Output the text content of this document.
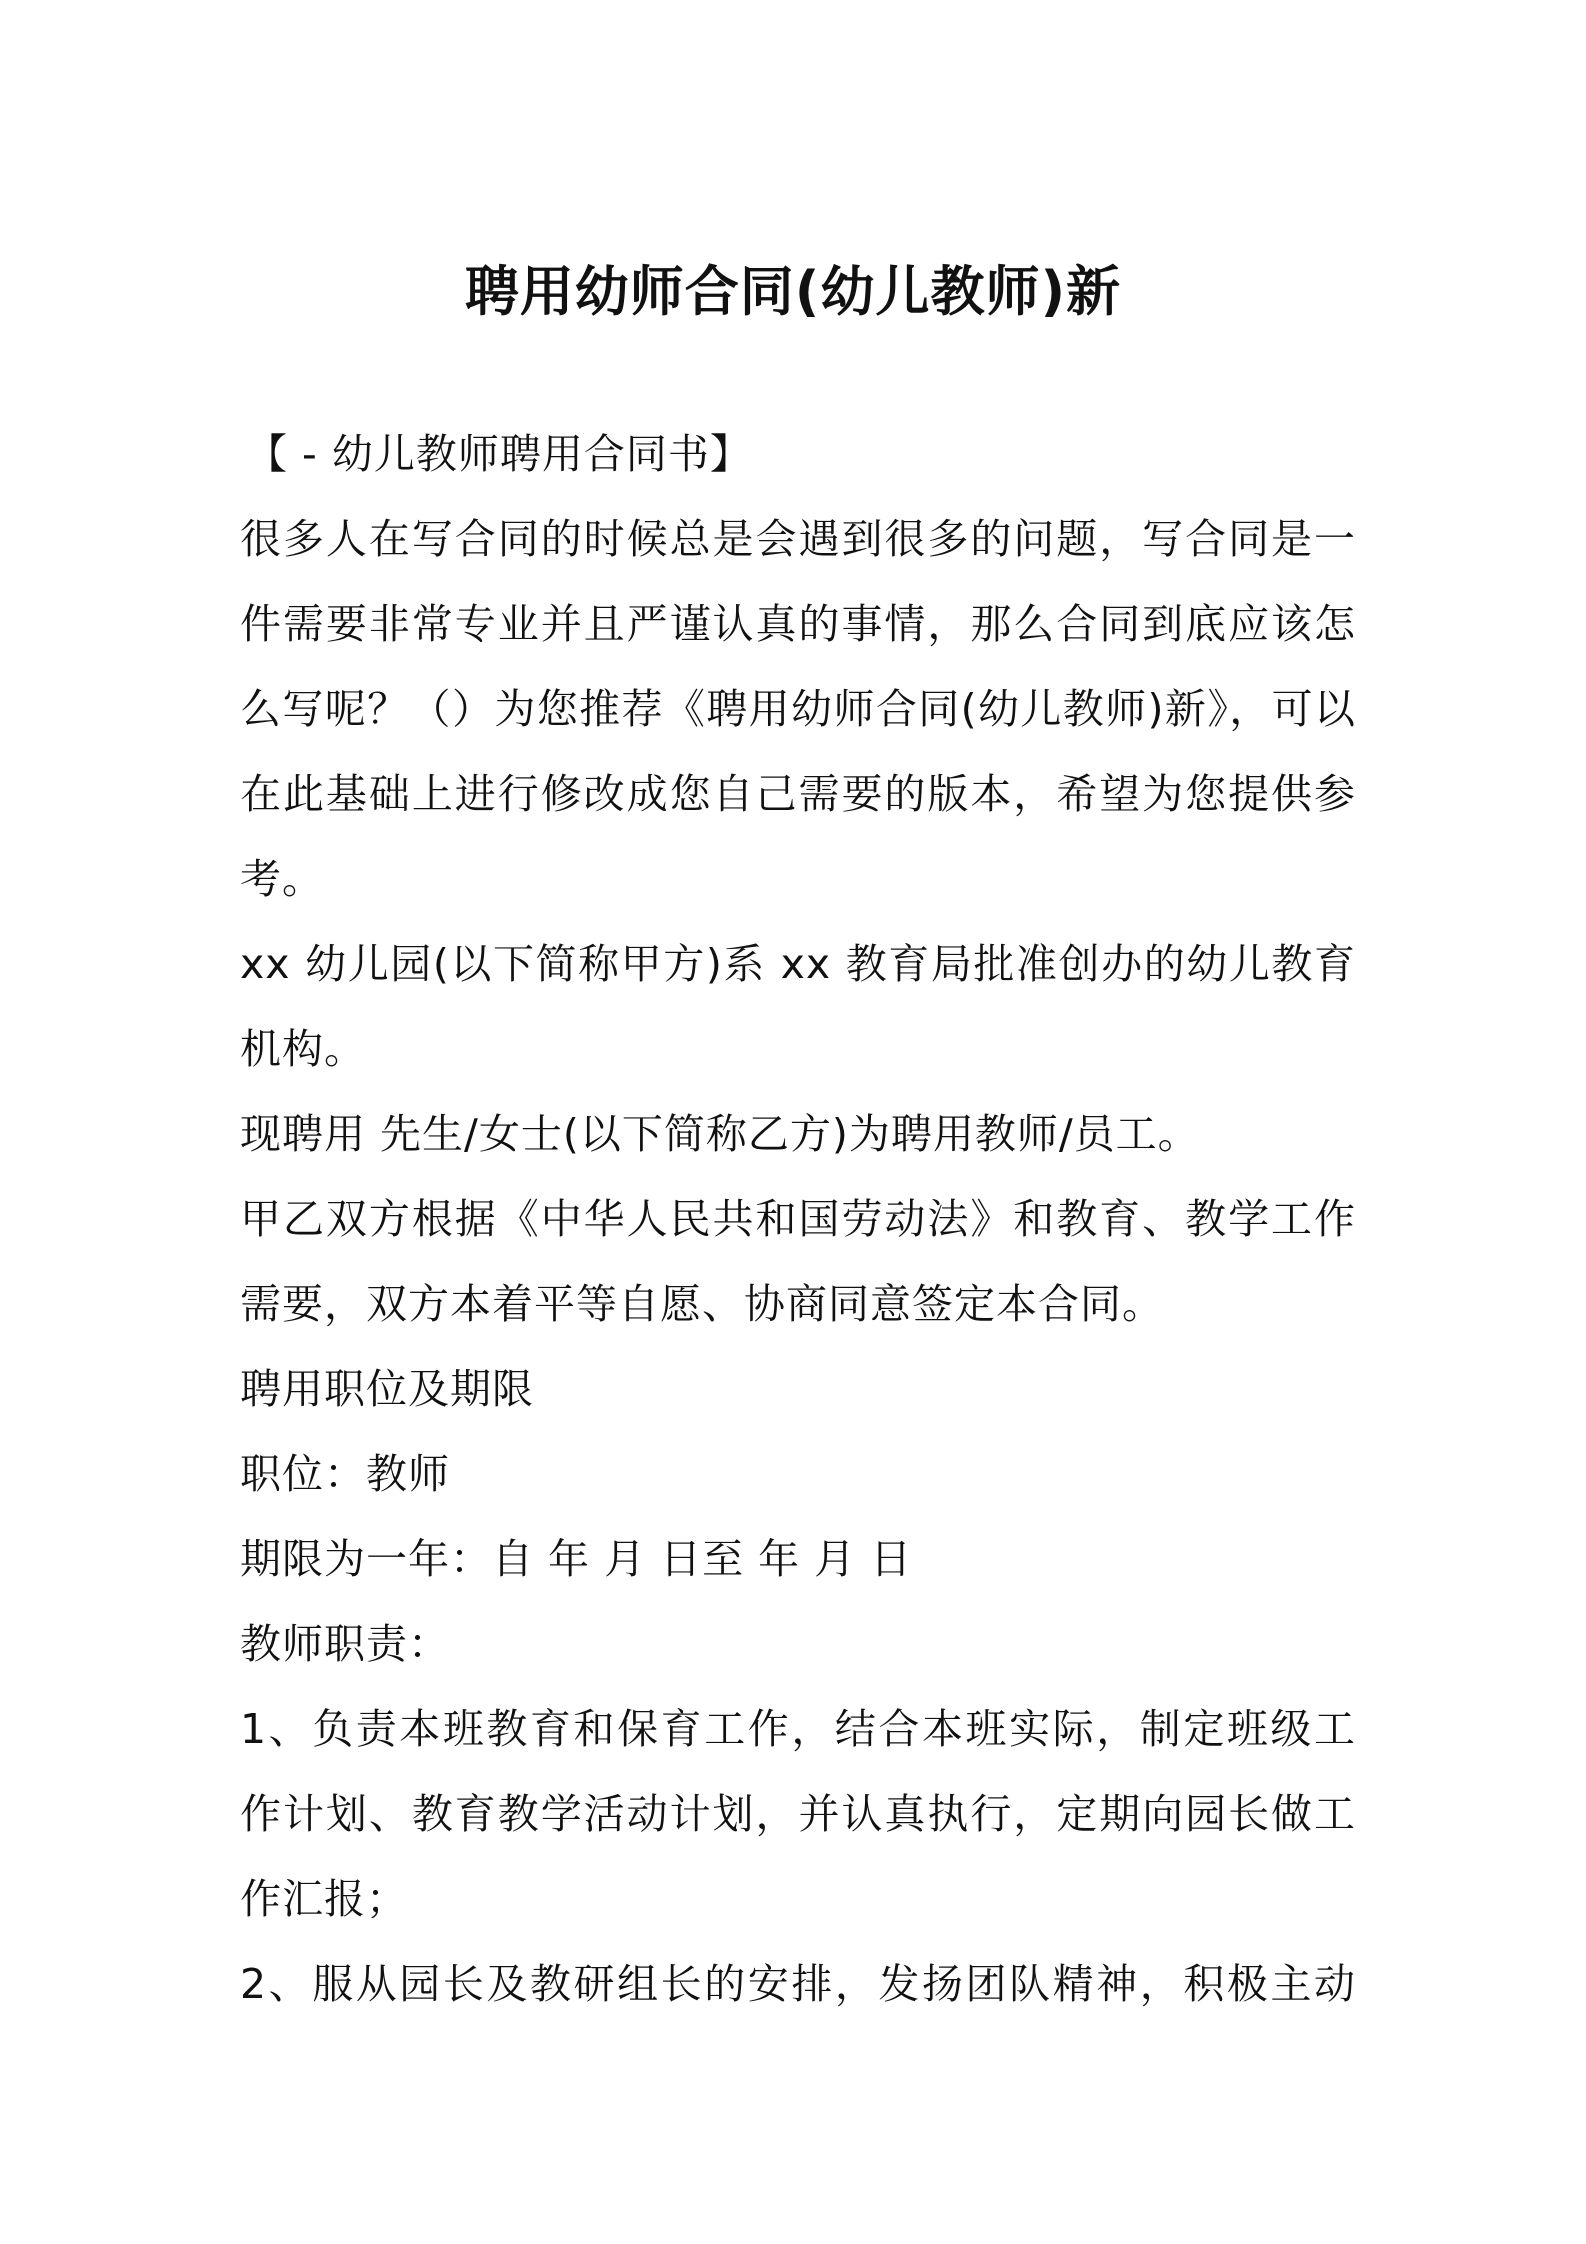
聘用幼师合同(幼儿教师)新
【 - 幼儿教师聘用合同书】
很多人在写合同的时候总是会遇到很多的问题，写合同是一
件需要非常专业并且严谨认真的事情，那么合同到底应该怎
么写呢？（）为您推荐《聘用幼师合同(幼儿教师)新》，可以
在此基础上进行修改成您自己需要的版本，希望为您提供参
考。
xx 幼儿园(以下简称甲方)系 xx 教育局批准创办的幼儿教育
机构。
现聘用 先生/女士(以下简称乙方)为聘用教师/员工。
甲乙双方根据《中华人民共和国劳动法》和教育、教学工作
需要，双方本着平等自愿、协商同意签定本合同。
聘用职位及期限
职位：教师
期限为一年：自 年 月 日至 年 月 日
教师职责：
1、负责本班教育和保育工作，结合本班实际，制定班级工
作计划、教育教学活动计划，并认真执行，定期向园长做工
作汇报；
2、服从园长及教研组长的安排，发扬团队精神，积极主动
